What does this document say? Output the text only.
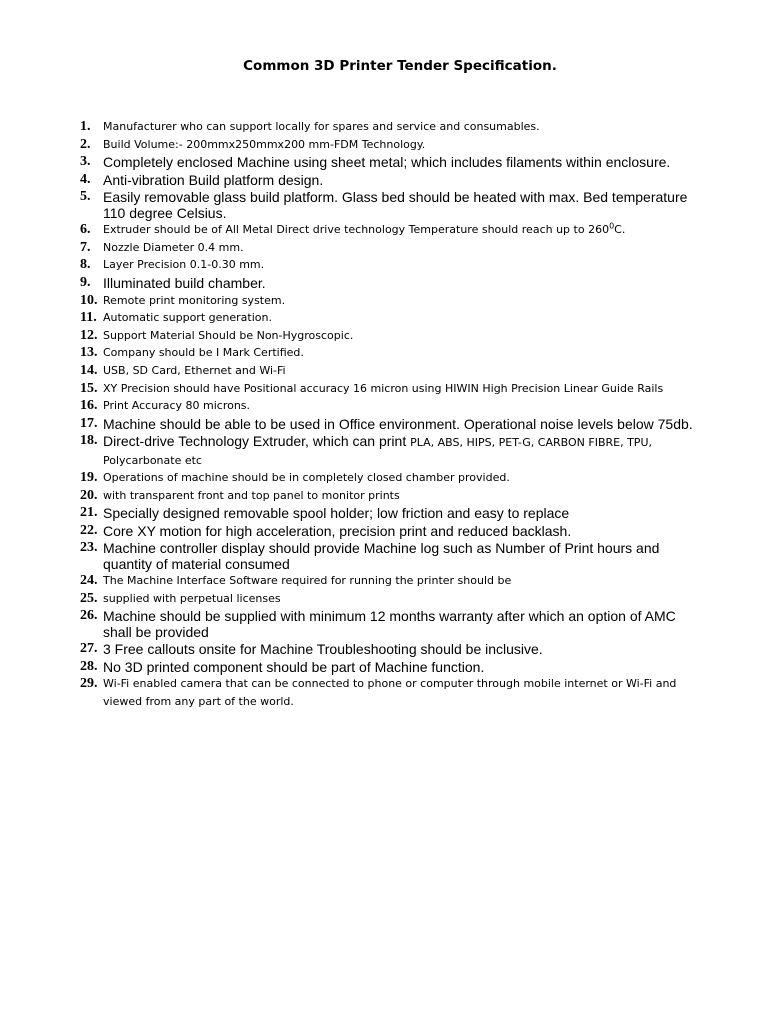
Common 3D Printer Tender Specification.
1. Manufacturer who can support locally for spares and service and consumables.
2. Build Volume:- 200mmx250mmx200 mm-FDM Technology.
3. Completely enclosed Machine using sheet metal; which includes filaments within enclosure.
4. Anti-vibration Build platform design.
5. Easily removable glass build platform. Glass bed should be heated with max. Bed temperature 110 degree Celsius.
6. Extruder should be of All Metal Direct drive technology Temperature should reach up to $260^0C$.
7. Nozzle Diameter 0.4 mm.
8. Layer Precision 0.1-0.30 mm.
9. Illuminated build chamber.
10. Remote print monitoring system.
11. Automatic support generation.
12. Support Material Should be Non-Hygroscopic.
13. Company should be I Mark Certified.
14. USB, SD Card, Ethernet and Wi-Fi
15. XY Precision should have Positional accuracy 16 micron using HIWIN High Precision Linear Guide Rails
16. Print Accuracy 80 microns.
17. Machine should be able to be used in Office environment. Operational noise levels below 75db.
18. Direct-drive Technology Extruder, which can print PLA, ABS, HIPS, PET-G, CARBON FIBRE, TPU, Polycarbonate etc
19. Operations of machine should be in completely closed chamber provided.
20. with transparent front and top panel to monitor prints
21. Specially designed removable spool holder; low friction and easy to replace
22. Core XY motion for high acceleration, precision print and reduced backlash.
23. Machine controller display should provide Machine log such as Number of Print hours and quantity of material consumed
24. The Machine Interface Software required for running the printer should be
25. supplied with perpetual licenses
26. Machine should be supplied with minimum 12 months warranty after which an option of AMC shall be provided
27. 3 Free callouts onsite for Machine Troubleshooting should be inclusive.
28. No 3D printed component should be part of Machine function.
29. Wi-Fi enabled camera that can be connected to phone or computer through mobile internet or Wi-Fi and viewed from any part of the world.
